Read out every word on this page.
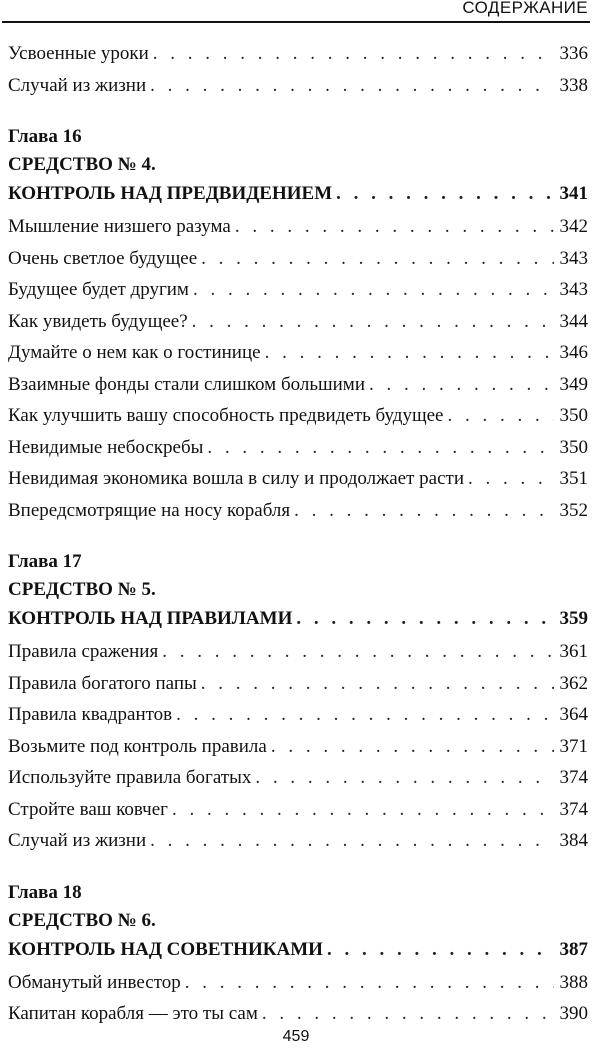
СОДЕРЖАНИЕ
Усвоенные уроки . . .	336
Случай из жизни . . .	338
Глава 16
СРЕДСТВО № 4.
КОНТРОЛЬ НАД ПРЕДВИДЕНИЕМ . . .	341
Мышление низшего разума . . .	342
Очень светлое будущее . . .	343
Будущее будет другим . . .	343
Как увидеть будущее? . . .	344
Думайте о нем как о гостинице . . .	346
Взаимные фонды стали слишком большими . . .	349
Как улучшить вашу способность предвидеть будущее . . .	350
Невидимые небоскребы . . .	350
Невидимая экономика вошла в силу и продолжает расти . . .	351
Впередсмотрящие на носу корабля . . .	352
Глава 17
СРЕДСТВО № 5.
КОНТРОЛЬ НАД ПРАВИЛАМИ . . .	359
Правила сражения . . .	361
Правила богатого папы . . .	362
Правила квадрантов . . .	364
Возьмите под контроль правила . . .	371
Используйте правила богатых . . .	374
Стройте ваш ковчег . . .	374
Случай из жизни . . .	384
Глава 18
СРЕДСТВО № 6.
КОНТРОЛЬ НАД СОВЕТНИКАМИ . . .	387
Обманутый инвестор . . .	388
Капитан корабля — это ты сам . . .	390
459
